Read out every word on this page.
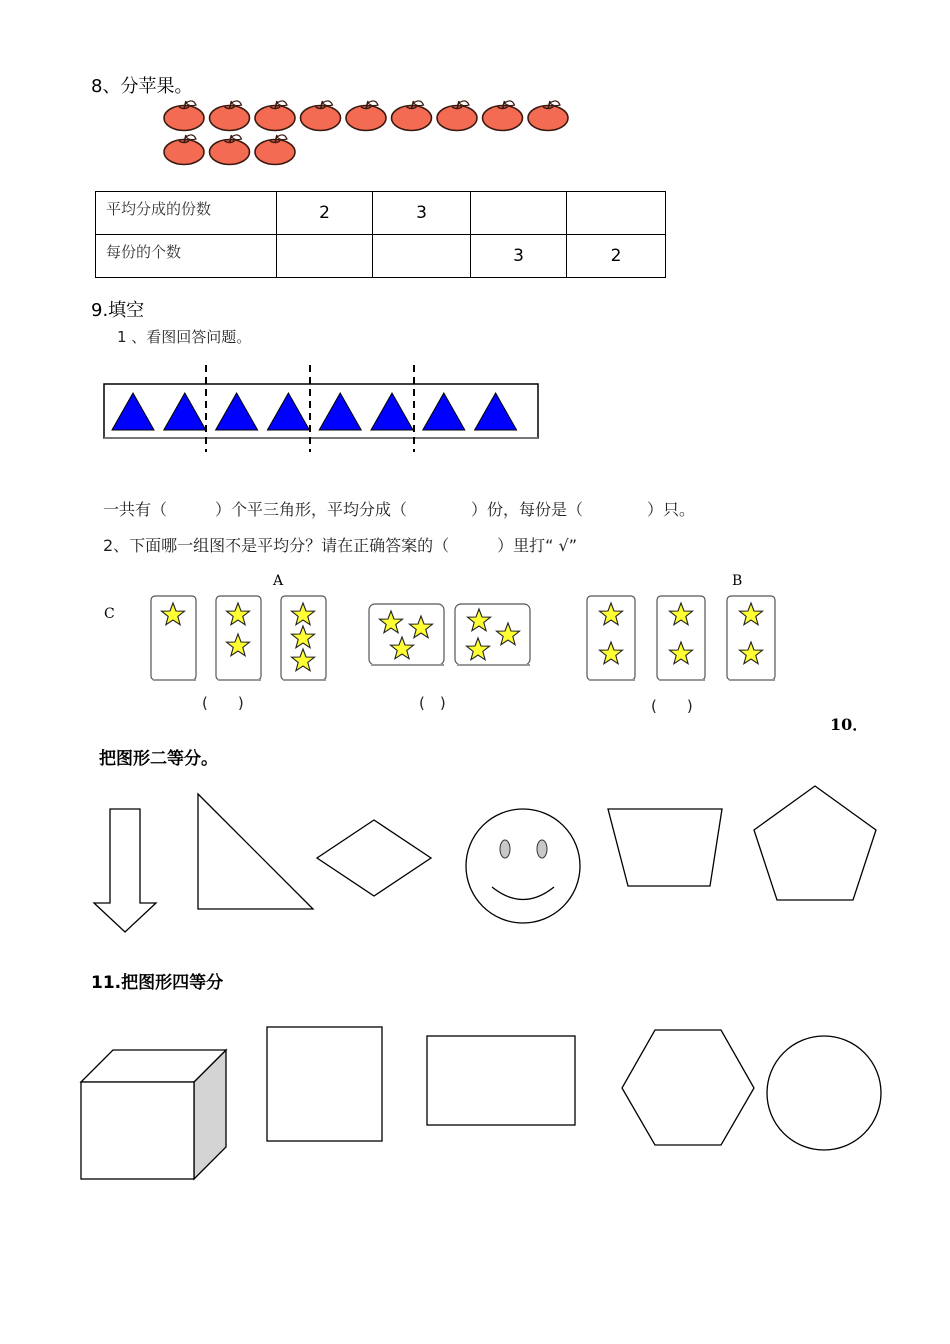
8、分苹果。
平均分成的份数	2	3		
每份的个数			3	2
9.填空
1 、看图回答问题。
一共有（　　　）个平三角形，平均分成（　　　　）份，每份是（　　　　）只。
2、下面哪一组图不是平均分？请在正确答案的（　　　）里打“ √”
A	B
C
(　　)	(　)	(　　)
10．
把图形二等分。
11.把图形四等分
